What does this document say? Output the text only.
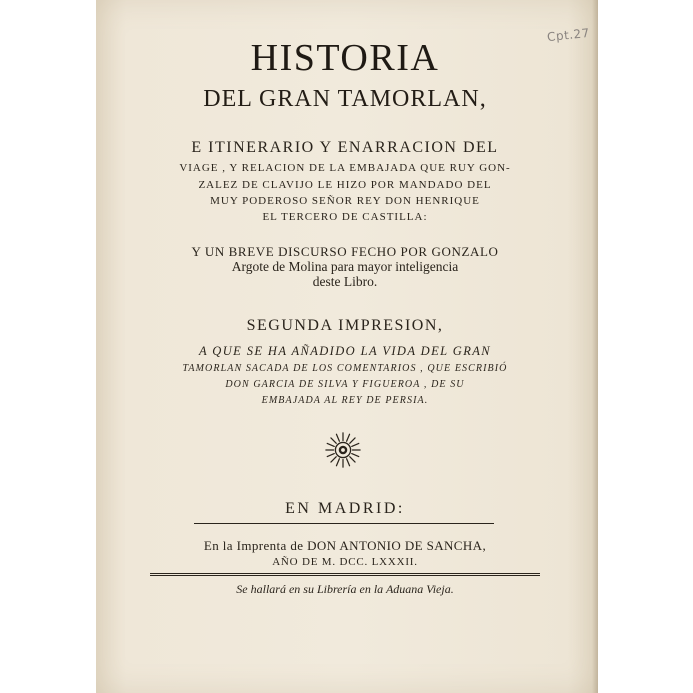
Cpt.27
HISTORIA
DEL GRAN TAMORLAN,
E ITINERARIO Y ENARRACION DEL
VIAGE , Y RELACION DE LA EMBAJADA QUE RUY GON-
ZALEZ DE CLAVIJO LE HIZO POR MANDADO DEL
MUY PODEROSO SEÑOR REY DON HENRIQUE
EL TERCERO DE CASTILLA:
Y UN BREVE DISCURSO FECHO POR GONZALO
Argote de Molina para mayor inteligencia
deste Libro.
SEGUNDA IMPRESION,
A QUE SE HA AÑADIDO LA VIDA DEL GRAN
TAMORLAN SACADA DE LOS COMENTARIOS , QUE ESCRIBIÓ
DON GARCIA DE SILVA Y FIGUEROA , DE SU
EMBAJADA AL REY DE PERSIA.
EN MADRID:
En la Imprenta de DON ANTONIO DE SANCHA,
AÑO DE M. DCC. LXXXII.
Se hallará en su Librería en la Aduana Vieja.
